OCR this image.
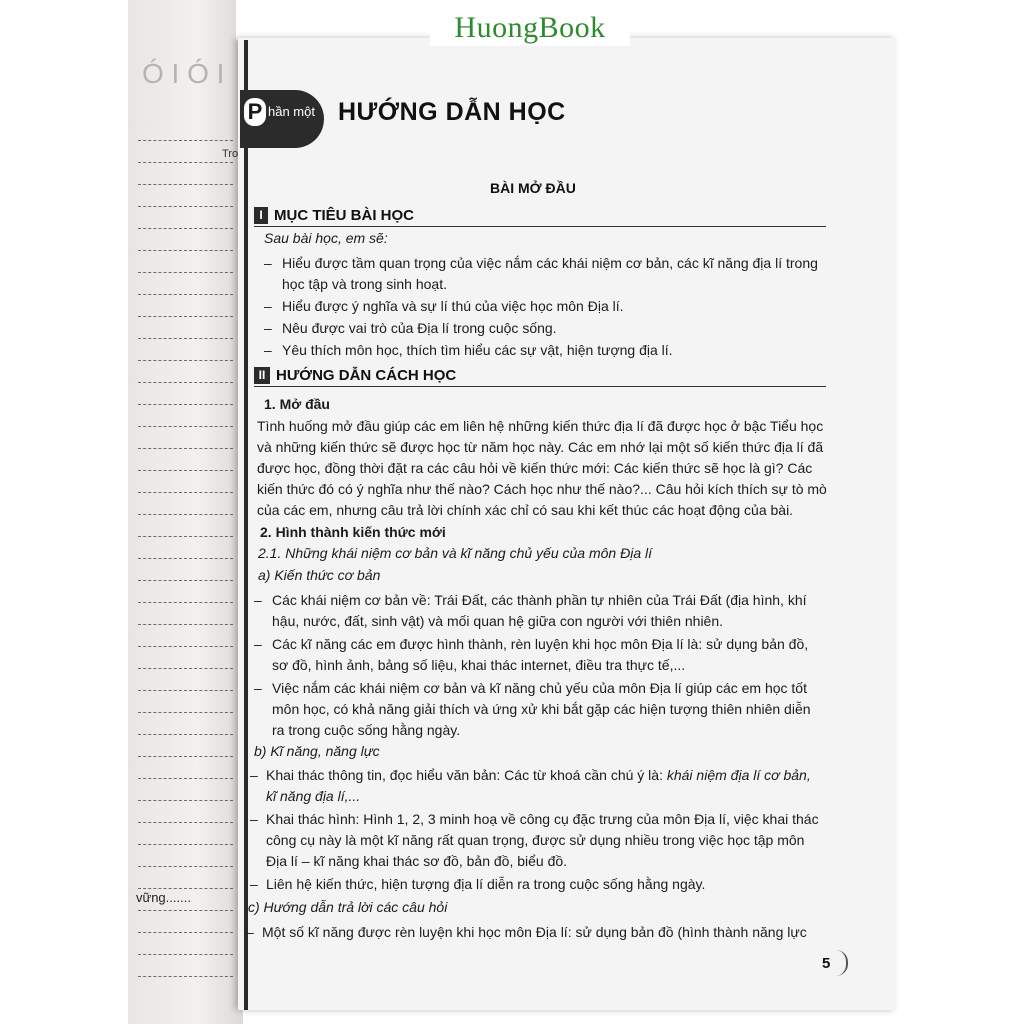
Ó I Ó I
Tro
vững.......
HuongBook
P hần một HƯỚNG DẪN HỌC
BÀI MỞ ĐẦU
I MỤC TIÊU BÀI HỌC
Sau bài học, em sẽ:
– Hiểu được tầm quan trọng của việc nắm các khái niệm cơ bản, các kĩ năng địa lí trong
học tập và trong sinh hoạt.
– Hiểu được ý nghĩa và sự lí thú của việc học môn Địa lí.
– Nêu được vai trò của Địa lí trong cuộc sống.
– Yêu thích môn học, thích tìm hiểu các sự vật, hiện tượng địa lí.
II HƯỚNG DẪN CÁCH HỌC
1. Mở đầu
Tình huống mở đầu giúp các em liên hệ những kiến thức địa lí đã được học ở bậc Tiểu học
và những kiến thức sẽ được học từ năm học này. Các em nhớ lại một số kiến thức địa lí đã
được học, đồng thời đặt ra các câu hỏi về kiến thức mới: Các kiến thức sẽ học là gì? Các
kiến thức đó có ý nghĩa như thế nào? Cách học như thế nào?... Câu hỏi kích thích sự tò mò
của các em, nhưng câu trả lời chính xác chỉ có sau khi kết thúc các hoạt động của bài.
2. Hình thành kiến thức mới
2.1. Những khái niệm cơ bản và kĩ năng chủ yếu của môn Địa lí
a) Kiến thức cơ bản
– Các khái niệm cơ bản về: Trái Đất, các thành phần tự nhiên của Trái Đất (địa hình, khí
hậu, nước, đất, sinh vật) và mối quan hệ giữa con người với thiên nhiên.
– Các kĩ năng các em được hình thành, rèn luyện khi học môn Địa lí là: sử dụng bản đồ,
sơ đồ, hình ảnh, bảng số liệu, khai thác internet, điều tra thực tế,...
– Việc nắm các khái niệm cơ bản và kĩ năng chủ yếu của môn Địa lí giúp các em học tốt
môn học, có khả năng giải thích và ứng xử khi bắt gặp các hiện tượng thiên nhiên diễn
ra trong cuộc sống hằng ngày.
b) Kĩ năng, năng lực
– Khai thác thông tin, đọc hiểu văn bản: Các từ khoá cần chú ý là: khái niệm địa lí cơ bản,
kĩ năng địa lí,...
– Khai thác hình: Hình 1, 2, 3 minh hoạ về công cụ đặc trưng của môn Địa lí, việc khai thác
công cụ này là một kĩ năng rất quan trọng, được sử dụng nhiều trong việc học tập môn
Địa lí – kĩ năng khai thác sơ đồ, bản đồ, biểu đồ.
– Liên hệ kiến thức, hiện tượng địa lí diễn ra trong cuộc sống hằng ngày.
c) Hướng dẫn trả lời các câu hỏi
– Một số kĩ năng được rèn luyện khi học môn Địa lí: sử dụng bản đồ (hình thành năng lực
5
